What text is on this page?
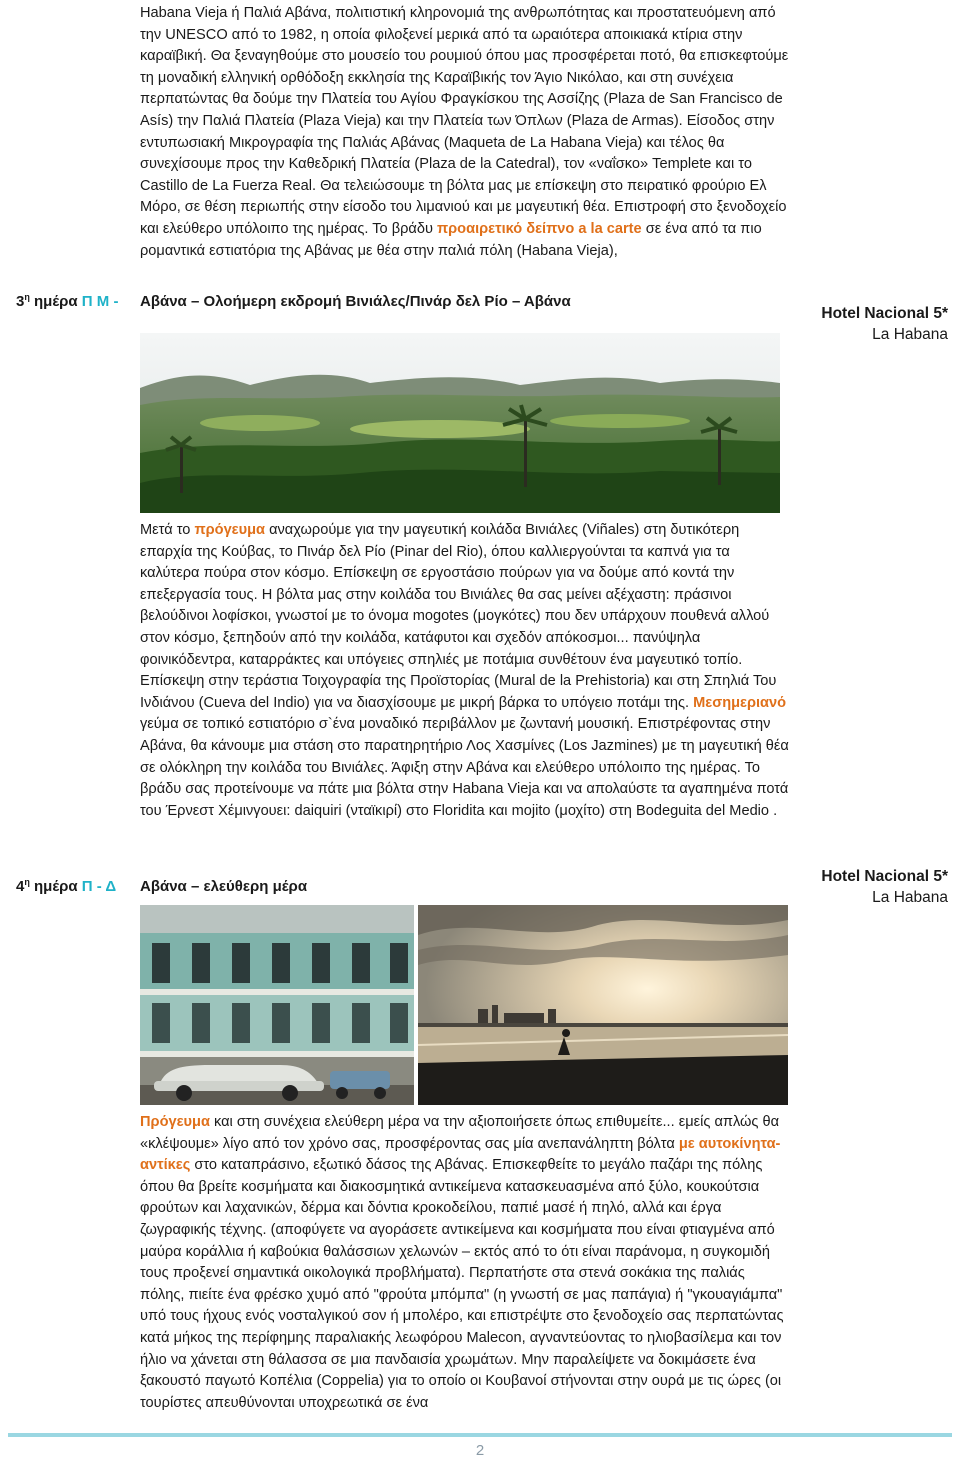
Habana Vieja ή Παλιά Αβάνα, πολιτιστική κληρονομιά της ανθρωπότητας και προστατευόμενη από την UNESCO από το 1982, η οποία φιλοξενεί μερικά από τα ωραιότερα αποικιακά κτίρια στην καραϊβική. Θα ξεναγηθούμε στο μουσείο του ρουμιού όπου μας προσφέρεται ποτό, θα επισκεφτούμε τη μοναδική ελληνική ορθόδοξη εκκλησία της Καραϊβικής τον Άγιο Νικόλαο, και στη συνέχεια περπατώντας θα δούμε την Πλατεία του Αγίου Φραγκίσκου της Ασσίζης (Plaza de San Francisco de Asís) την Παλιά Πλατεία (Plaza Vieja) και την Πλατεία των Όπλων (Plaza de Armas). Είσοδος στην εντυπωσιακή Μικρογραφία της Παλιάς Αβάνας (Maqueta de La Habana Vieja) και τέλος θα συνεχίσουμε προς την Καθεδρική Πλατεία (Plaza de la Catedral), τον «ναΐσκο» Templete και το Castillo de La Fuerza Real. Θα τελειώσουμε τη βόλτα μας με επίσκεψη στο πειρατικό φρούριο Ελ Μόρο, σε θέση περιωπής στην είσοδο του λιμανιού και με μαγευτική θέα. Επιστροφή στο ξενοδοχείο και ελεύθερο υπόλοιπο της ημέρας. Το βράδυ προαιρετικό δείπνο a la carte σε ένα από τα πιο ρομαντικά εστιατόρια της Αβάνας με θέα στην παλιά πόλη (Habana Vieja),

$3^\eta$ ημέρα Π Μ - Αβάνα – Ολοήμερη εκδρομή Βινιάλες/Πινάρ δελ Ρίο – Αβάνα
Hotel Nacional 5*
La Habana

Μετά το πρόγευμα αναχωρούμε για την μαγευτική κοιλάδα Βινιάλες (Viñales) στη δυτικότερη επαρχία της Κούβας, το Πινάρ δελ Ρίο (Pinar del Rio), όπου καλλιεργούνται τα καπνά για τα καλύτερα πούρα στον κόσμο. Επίσκεψη σε εργοστάσιο πούρων για να δούμε από κοντά την επεξεργασία τους. Η βόλτα μας στην κοιλάδα του Βινιάλες θα σας μείνει αξέχαστη: πράσινοι βελούδινοι λοφίσκοι, γνωστοί με το όνομα mogotes (μογκότες) που δεν υπάρχουν πουθενά αλλού στον κόσμο, ξεπηδούν από την κοιλάδα, κατάφυτοι και σχεδόν απόκοσμοι... πανύψηλα φοινικόδεντρα, καταρράκτες και υπόγειες σπηλιές με ποτάμια συνθέτουν ένα μαγευτικό τοπίο. Επίσκεψη στην τεράστια Τοιχογραφία της Προϊστορίας (Mural de la Prehistoria) και στη Σπηλιά Του Ινδιάνου (Cueva del Indio) για να διασχίσουμε με μικρή βάρκα το υπόγειο ποτάμι της. Μεσημεριανό γεύμα σε τοπικό εστιατόριο σ`ένα μοναδικό περιβάλλον με ζωντανή μουσική. Επιστρέφοντας στην Αβάνα, θα κάνουμε μια στάση στο παρατηρητήριο Λος Χασμίνες (Los Jazmines) με τη μαγευτική θέα σε ολόκληρη την κοιλάδα του Βινιάλες. Άφιξη στην Αβάνα και ελεύθερο υπόλοιπο της ημέρας. Το βράδυ σας προτείνουμε να πάτε μια βόλτα στην Habana Vieja και να απολαύστε τα αγαπημένα ποτά του Έρνεστ Χέμινγουει: daiquiri (νταϊκιρί) στο Floridita και mojito (μοχίτο) στη Bodeguita del Medio .

$4^\eta$ ημέρα Π - Δ Αβάνα – ελεύθερη μέρα
Hotel Nacional 5*
La Habana

Πρόγευμα και στη συνέχεια ελεύθερη μέρα να την αξιοποιήσετε όπως επιθυμείτε... εμείς απλώς θα «κλέψουμε» λίγο από τον χρόνο σας, προσφέροντας σας μία ανεπανάληπτη βόλτα με αυτοκίνητα-αντίκες στο καταπράσινο, εξωτικό δάσος της Αβάνας. Επισκεφθείτε το μεγάλο παζάρι της πόλης όπου θα βρείτε κοσμήματα και διακοσμητικά αντικείμενα κατασκευασμένα από ξύλο, κουκούτσια φρούτων και λαχανικών, δέρμα και δόντια κροκοδείλου, παπιέ μασέ ή πηλό, αλλά και έργα ζωγραφικής τέχνης. (αποφύγετε να αγοράσετε αντικείμενα και κοσμήματα που είναι φτιαγμένα από μαύρα κοράλλια ή καβούκια θαλάσσιων χελωνών – εκτός από το ότι είναι παράνομα, η συγκομιδή τους προξενεί σημαντικά οικολογικά προβλήματα). Περπατήστε στα στενά σοκάκια της παλιάς πόλης, πιείτε ένα φρέσκο χυμό από "φρούτα μπόμπα" (η γνωστή σε μας παπάγια) ή "γκουαγιάμπα" υπό τους ήχους ενός νοσταλγικού σον ή μπολέρο, και επιστρέψτε στο ξενοδοχείο σας περπατώντας κατά μήκος της περίφημης παραλιακής λεωφόρου Malecon, αγναντεύοντας το ηλιοβασίλεμα και τον ήλιο να χάνεται στη θάλασσα σε μια πανδαισία χρωμάτων. Μην παραλείψετε να δοκιμάσετε ένα ξακουστό παγωτό Κοπέλια (Coppelia) για το οποίο οι Κουβανοί στήνονται στην ουρά με τις ώρες (οι τουρίστες απευθύνονται υποχρεωτικά σε ένα

2
